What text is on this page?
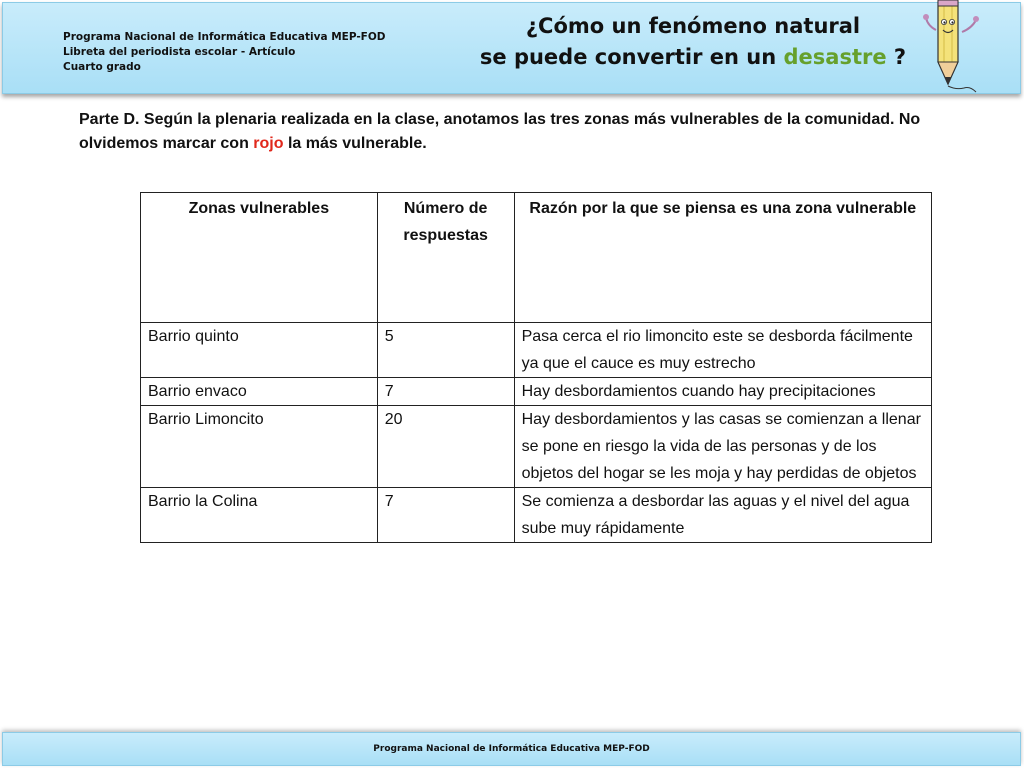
Programa Nacional de Informática Educativa MEP-FOD
Libreta del periodista escolar - Artículo
Cuarto grado
¿Cómo un fenómeno natural
se puede convertir en un desastre ?
Parte D. Según la plenaria realizada en la clase, anotamos las tres zonas más vulnerables de la comunidad. No olvidemos marcar con rojo la más vulnerable.
Zonas vulnerables	Número de respuestas	Razón por la que se piensa es una zona vulnerable
Barrio quinto	5	Pasa cerca el rio limoncito este se desborda fácilmente ya que el cauce es muy estrecho
Barrio envaco	7	Hay desbordamientos cuando hay precipitaciones
Barrio Limoncito	20	Hay desbordamientos y las casas se comienzan a llenar se pone en riesgo la vida de las personas y de los objetos del hogar se les moja y hay perdidas de objetos
Barrio la Colina	7	Se comienza a desbordar las aguas y el nivel del agua sube muy rápidamente
Programa Nacional de Informática Educativa MEP-FOD
